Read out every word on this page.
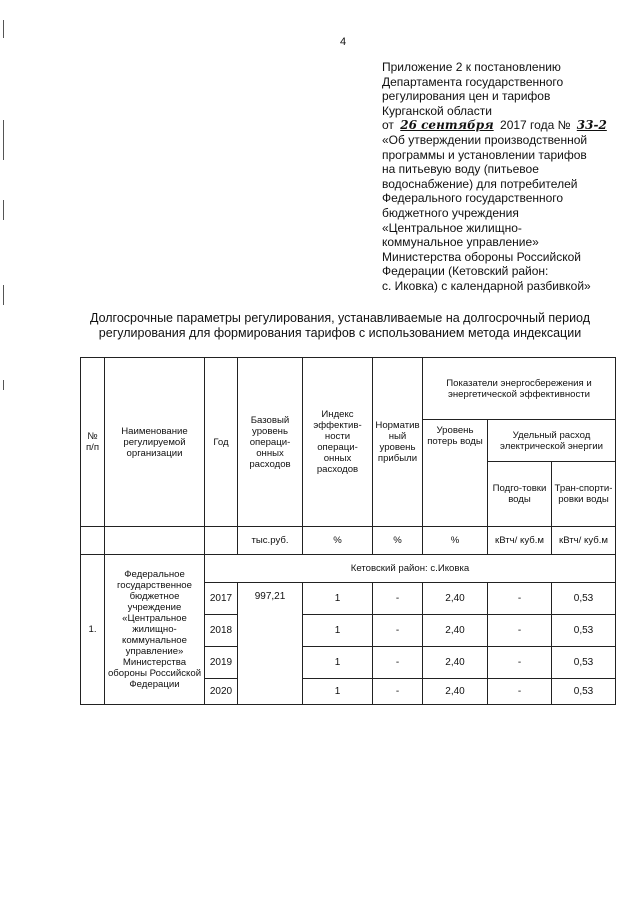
4
Приложение 2 к постановлению
Департамента государственного
регулирования цен и тарифов
Курганской области
от 26 сентября 2017 года № 33-2
«Об утверждении производственной
программы и установлении тарифов
на питьевую воду (питьевое
водоснабжение) для потребителей
Федерального государственного
бюджетного учреждения
«Центральное жилищно-
коммунальное управление»
Министерства обороны Российской
Федерации (Кетовский район:
с. Иковка) с календарной разбивкой»
Долгосрочные параметры регулирования, устанавливаемые на долгосрочный период регулирования для формирования тарифов с использованием метода индексации
№ п/п	Наименование регулируемой организации	Год	Базовый уровень операци-онных расходов	Индекс эффектив-ности операци-онных расходов	Норматив ный уровень прибыли	Показатели энергосбережения и энергетической эффективности		
						Уровень потерь воды	Удельный расход электрической энергии	
							Подго-товки воды	Тран-спорти-ровки воды
			тыс.руб.	%	%	%	кВтч/ куб.м	кВтч/ куб.м
1.	Федеральное государственное бюджетное учреждение «Центральное жилищно-коммунальное управление» Министерства обороны Российской Федерации	Кетовский район: с.Иковка						
		2017	997,21	1	-	2,40	-	0,53
		2018		1	-	2,40	-	0,53
		2019		1	-	2,40	-	0,53
		2020		1	-	2,40	-	0,53
